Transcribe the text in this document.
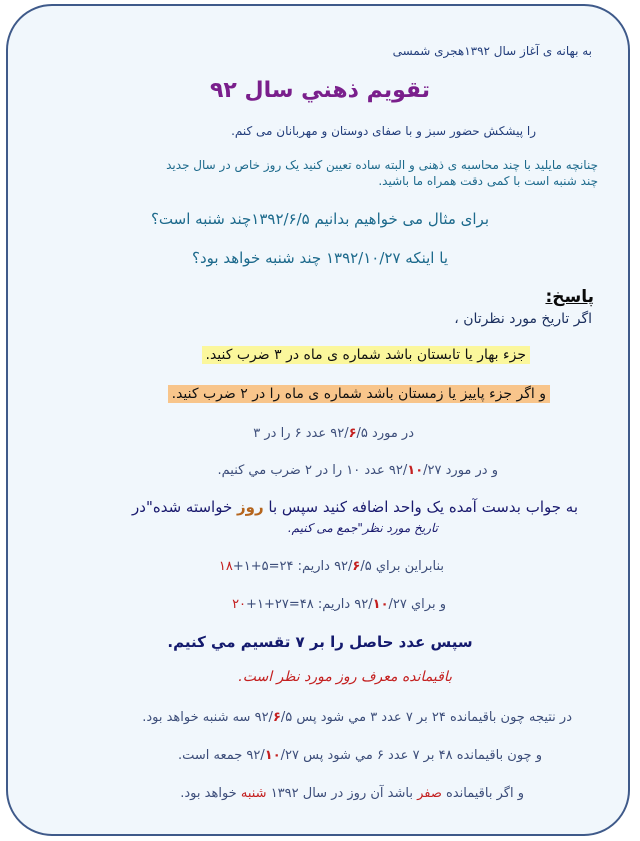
به بهانه ی آغاز سال ۱۳۹۲هجری شمسی
تقويم ذهني سال ۹۲
را پیشکش حضور سبز و با صفای دوستان و مهربانان می کنم.
چنانچه مایلید با چند محاسبه ی ذهنی و البته ساده تعیین کنید یک روز خاص در سال جدید
چند شنبه است با کمی دقت همراه ما باشید.
برای مثال می خواهیم بدانیم ۱۳۹۲/۶/۵چند شنبه است؟
یا اینکه ۱۳۹۲/۱۰/۲۷ چند شنبه خواهد بود؟
پاسخ:
اگر تاریخ مورد نظرتان ،
جزء بهار یا تابستان باشد شماره ی ماه در ۳ ضرب کنید.
و اگر جزء پاییز یا زمستان باشد شماره ی ماه را در ۲ ضرب کنید.
در مورد ۹۲/۶/۵ عدد ۶ را در ۳
و در مورد ۹۲/۱۰/۲۷ عدد ۱۰ را در ۲ ضرب مي كنيم.
به جواب بدست آمده یک واحد اضافه کنید سپس با روز خواسته شده"در
تاریخ مورد نظر"جمع می کنیم.
بنابراين براي ۹۲/۶/۵ داريم: ۲۴=۵+۱+۱۸
و براي ۹۲/۱۰/۲۷ داريم: ۴۸=۲۷+۱+۲۰
سپس عدد حاصل را بر ۷ تقسیم مي كنيم.
باقیمانده معرف روز مورد نظر است.
در نتيجه چون باقيمانده ۲۴ بر ۷ عدد ۳ مي شود پس ۹۲/۶/۵ سه شنبه خواهد بود.
و چون باقيمانده ۴۸ بر ۷ عدد ۶ مي شود پس ۹۲/۱۰/۲۷ جمعه است.
و اگر باقیمانده صفر باشد آن روز در سال ۱۳۹۲ شنبه خواهد بود.
